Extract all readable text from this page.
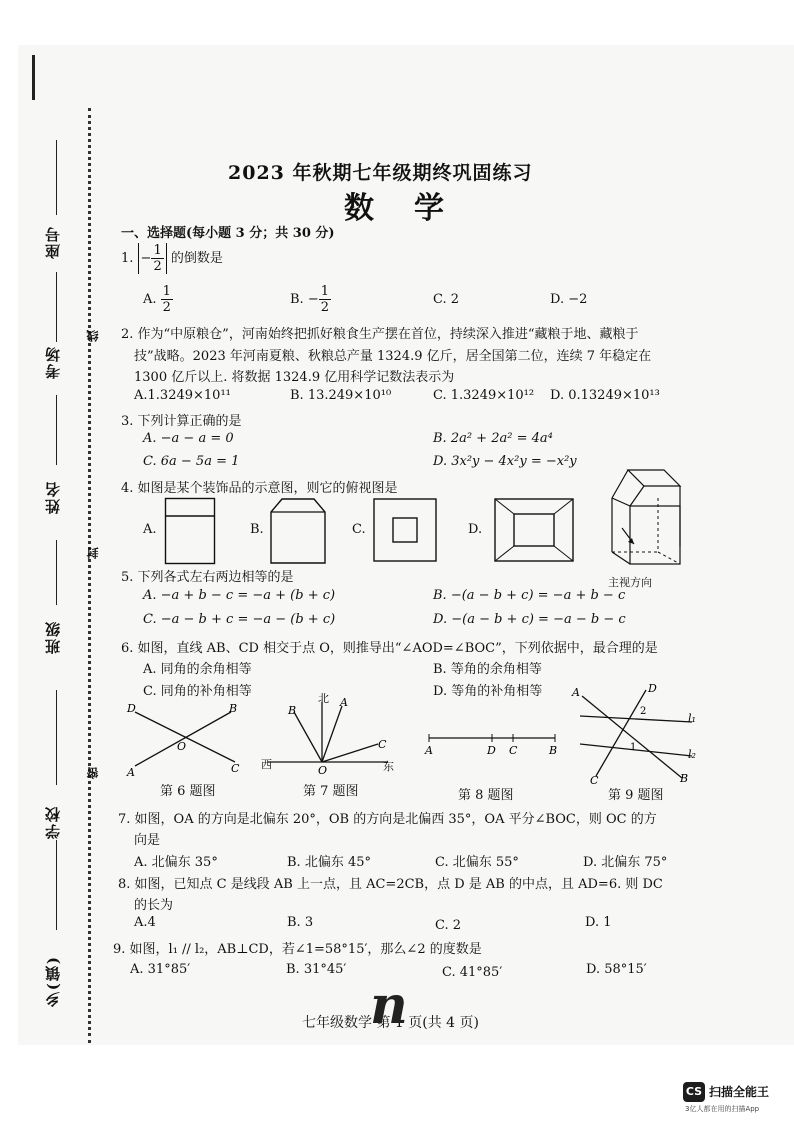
座号
考场
线
姓名
封
班级
密
学校
乡(镇)
2023 年秋期七年级期终巩固练习
数学
一、选择题(每小题 3 分；共 30 分)
1. − $\frac{1}{2}$ 的倒数是
A. $\frac{1}{2}$	B. − $\frac{1}{2}$	C. 2	D. −2
2. 作为“中原粮仓”，河南始终把抓好粮食生产摆在首位，持续深入推进“藏粮于地、藏粮于
技”战略。2023 年河南夏粮、秋粮总产量 1324.9 亿斤，居全国第二位，连续 7 年稳定在
1300 亿斤以上. 将数据 1324.9 亿用科学记数法表示为
A.1.3249×10¹¹	B. 13.249×10¹⁰	C. 1.3249×10¹² D. 0.13249×10¹³
3. 下列计算正确的是
A. −a − a = 0	B. 2a² + 2a² = 4a⁴
C. 6a − 5a = 1	D. 3x²y − 4x²y = −x²y
4. 如图是某个装饰品的示意图，则它的俯视图是
A.	B.	C.	D.
主视方向
5. 下列各式左右两边相等的是
A. −a + b − c = −a + (b + c)	B. −(a − b + c) = −a + b − c
C. −a − b + c = −a − (b + c)	D. −(a − b + c) = −a − b − c
6. 如图，直线 AB、CD 相交于点 O，则推导出“∠AOD=∠BOC”，下列依据中，最合理的是
A. 同角的余角相等	B. 等角的余角相等
C. 同角的补角相等	D. 等角的补角相等
D	B
O
A	C
第 6 题图
北 A
B
C
O
西	东
第 7 题图
A	D C	B
第 8 题图
D
A
2
1
l₁
l₂
C	B
第 9 题图
7. 如图，OA 的方向是北偏东 20°，OB 的方向是北偏西 35°，OA 平分∠BOC，则 OC 的方
向是
A. 北偏东 35°	B. 北偏东 45°	C. 北偏东 55°	D. 北偏东 75°
8. 如图，已知点 C 是线段 AB 上一点，且 AC=2CB，点 D 是 AB 的中点，且 AD=6. 则 DC
的长为
A.4	B. 3	C. 2	D. 1
9. 如图，l₁ // l₂，AB⊥CD，若∠1=58°15′，那么∠2 的度数是
A. 31°85′	B. 31°45′	C. 41°85′	D. 58°15′
七年级数学 第 1 页(共 4 页)
n
CS 扫描全能王
3亿人都在用的扫描App
